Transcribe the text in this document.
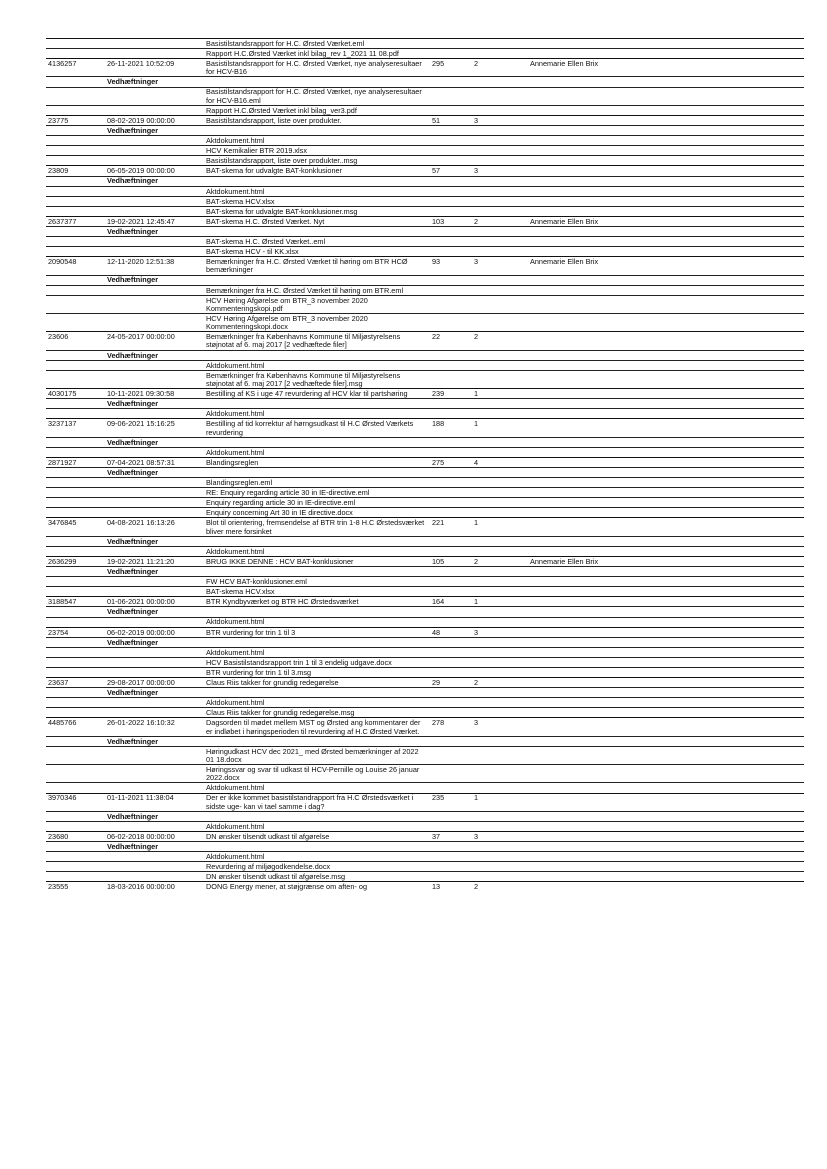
		Basistilstandsrapport for H.C. Ørsted Værket.eml			
		Rapport H.C.Ørsted Værket inkl bilag_rev 1_2021 11 08.pdf			
4136257	26-11-2021 10:52:09	Basistilstandsrapport for H.C. Ørsted Værket, nye analyseresultaer for HCV-B16	295	2	Annemarie Ellen Brix
	Vedhæftninger				
		Basistilstandsrapport for H.C. Ørsted Værket, nye analyseresultaer for HCV-B16.eml			
		Rapport H.C.Ørsted Værket inkl bilag_ver3.pdf			
23775	08-02-2019 00:00:00	Basistilstandsrapport, liste over produkter.	51	3	
	Vedhæftninger				
		Aktdokument.html			
		HCV Kemikalier BTR 2019.xlsx			
		Basistilstandsrapport, liste over produkter..msg			
23809	06-05-2019 00:00:00	BAT-skema for udvalgte BAT-konklusioner	57	3	
	Vedhæftninger				
		Aktdokument.html			
		BAT-skema HCV.xlsx			
		BAT-skema for udvalgte BAT-konklusioner.msg			
2637377	19-02-2021 12:45:47	BAT-skema H.C. Ørsted Værket. Nyt	103	2	Annemarie Ellen Brix
	Vedhæftninger				
		BAT-skema H.C. Ørsted Værket..eml			
		BAT-skema HCV - til KK.xlsx			
2090548	12-11-2020 12:51:38	Bemærkninger fra H.C. Ørsted Værket til høring om BTR HCØ bemærkninger	93	3	Annemarie Ellen Brix
	Vedhæftninger				
		Bemærkninger fra H.C. Ørsted Værket til høring om BTR.eml			
		HCV Høring Afgørelse om BTR_3 november 2020 Kommenteringskopi.pdf			
		HCV Høring Afgørelse om BTR_3 november 2020 Kommenteringskopi.docx			
23606	24-05-2017 00:00:00	Bemærkninger fra Københavns Kommune til Miljøstyrelsens støjnotat af 6. maj 2017 [2 vedhæftede filer]	22	2	
	Vedhæftninger				
		Aktdokument.html			
		Bemærkninger fra Københavns Kommune til Miljøstyrelsens støjnotat af 6. maj 2017 [2 vedhæftede filer].msg			
4030175	10-11-2021 09:30:58	Bestilling af KS i uge 47 revurdering af HCV klar til partshøring	239	1	
	Vedhæftninger				
		Aktdokument.html			
3237137	09-06-2021 15:16:25	Bestilling af tid korrektur af hørngsudkast til H.C Ørsted Værkets revurdering	188	1	
	Vedhæftninger				
		Aktdokument.html			
2871927	07-04-2021 08:57:31	Blandingsreglen	275	4	
	Vedhæftninger				
		Blandingsreglen.eml			
		RE: Enquiry regarding article 30 in IE-directive.eml			
		Enquiry regarding article 30 in IE-directive.eml			
		Enquiry concerning Art 30 in IE directive.docx			
3476845	04-08-2021 16:13:26	Blot til orientering, fremsendelse af BTR trin 1-8 H.C Ørstedsværket bliver mere forsinket	221	1	
	Vedhæftninger				
		Aktdokument.html			
2636299	19-02-2021 11:21:20	BRUG IKKE DENNE : HCV BAT-konklusioner	105	2	Annemarie Ellen Brix
	Vedhæftninger				
		FW HCV BAT-konklusioner.eml			
		BAT-skema HCV.xlsx			
3188547	01-06-2021 00:00:00	BTR Kyndbyværket og BTR HC Ørstedsværket	164	1	
	Vedhæftninger				
		Aktdokument.html			
23754	06-02-2019 00:00:00	BTR vurdering for trin 1 til 3	48	3	
	Vedhæftninger				
		Aktdokument.html			
		HCV Basistilstandsrapport trin 1 til 3 endelig udgave.docx			
		BTR vurdering for trin 1 til 3.msg			
23637	29-08-2017 00:00:00	Claus Riis takker for grundig redegørelse	29	2	
	Vedhæftninger				
		Aktdokument.html			
		Claus Riis takker for grundig redegørelse.msg			
4485766	26-01-2022 16:10:32	Dagsorden til mødet mellem MST og Ørsted ang kommentarer der er indløbet i høringsperioden til revurdering af H.C Ørsted Værket.	278	3	
	Vedhæftninger				
		Høringudkast HCV dec 2021_ med Ørsted bemærkninger af 2022 01 18.docx			
		Høringssvar og svar til udkast til HCV-Pernille og Louise 26 januar 2022.docx			
		Aktdokument.html			
3970346	01-11-2021 11:38:04	Der er ikke kommet basistilstandrapport fra H.C Ørstedsværket i sidste uge- kan vi tael samme i dag?	235	1	
	Vedhæftninger				
		Aktdokument.html			
23680	06-02-2018 00:00:00	DN ønsker tilsendt udkast til afgørelse	37	3	
	Vedhæftninger				
		Aktdokument.html			
		Revurdering af miljøgodkendelse.docx			
		DN ønsker tilsendt udkast til afgørelse.msg			
23555	18-03-2016 00:00:00	DONG Energy mener, at støjgrænse om aften- og	13	2	
